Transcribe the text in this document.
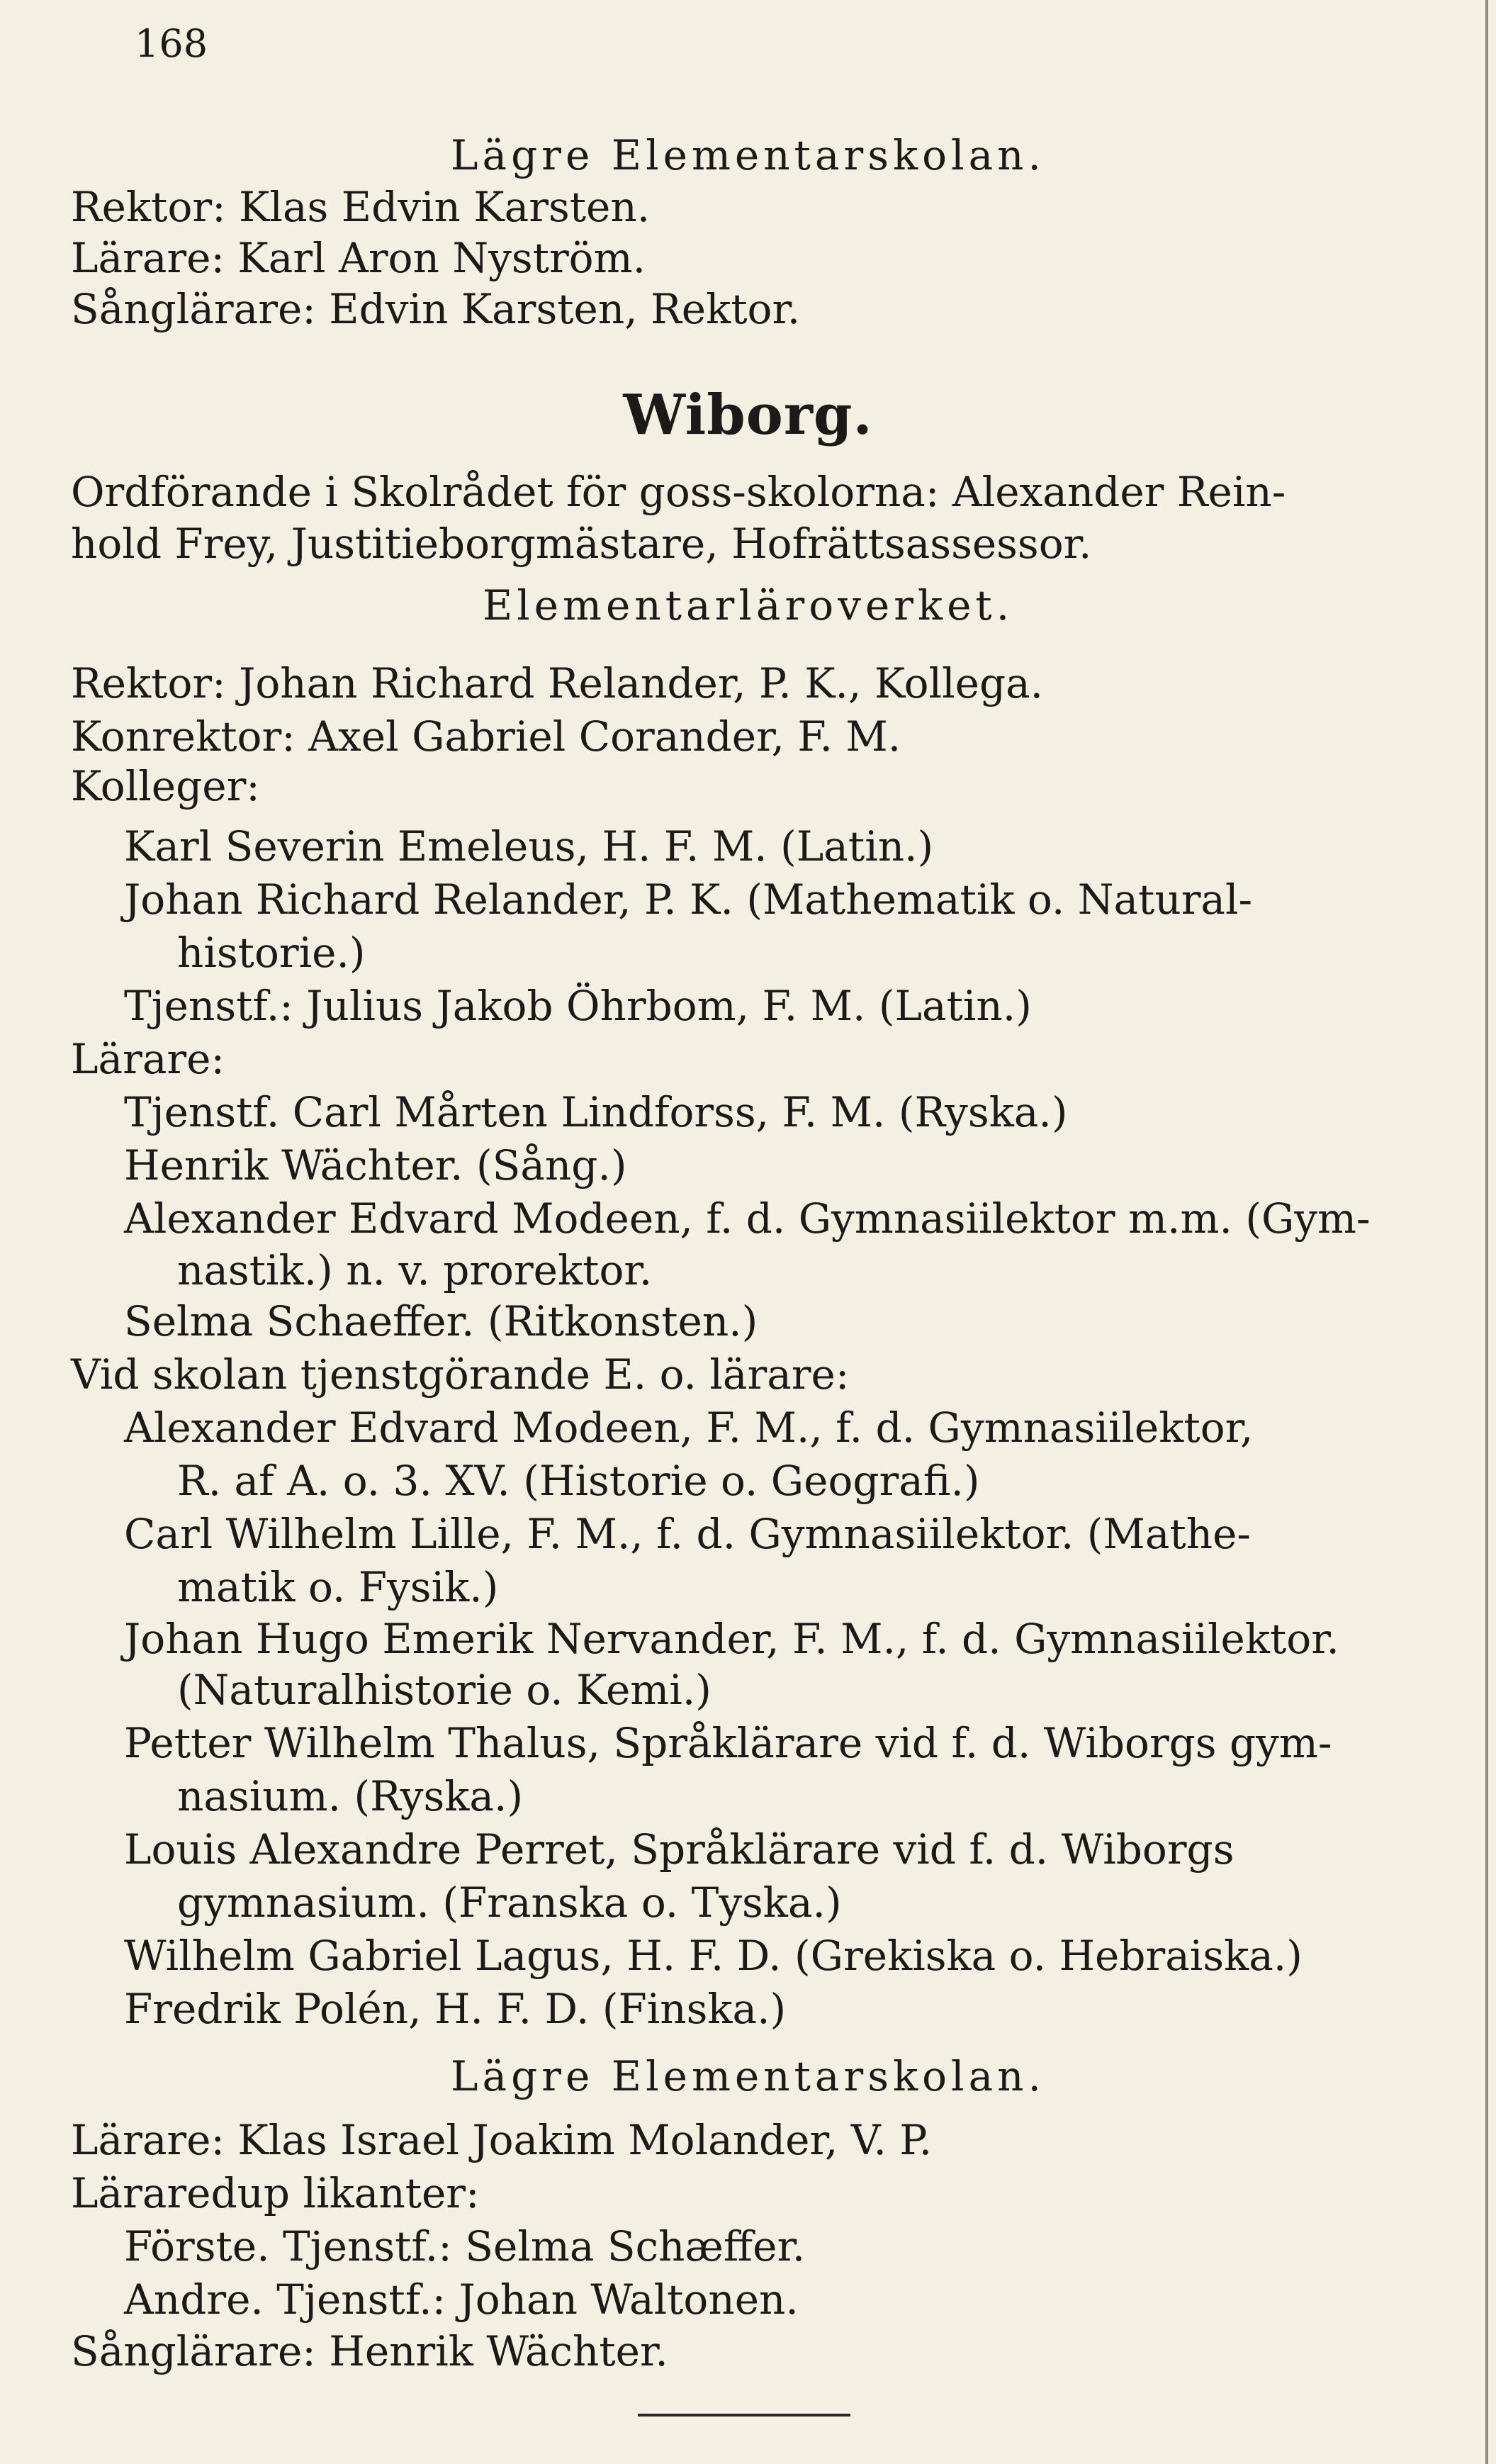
168
Lägre Elementarskolan.
Rektor: Klas Edvin Karsten.
Lärare: Karl Aron Nyström.
Sånglärare: Edvin Karsten, Rektor.
Wiborg.
Ordförande i Skolrådet för goss-skolorna: Alexander Rein-
hold Frey, Justitieborgmästare, Hofrättsassessor.
Elementarläroverket.
Rektor: Johan Richard Relander, P. K., Kollega.
Konrektor: Axel Gabriel Corander, F. M.
Kolleger:
Karl Severin Emeleus, H. F. M. (Latin.)
Johan Richard Relander, P. K. (Mathematik o. Natural-
historie.)
Tjenstf.: Julius Jakob Öhrbom, F. M. (Latin.)
Lärare:
Tjenstf. Carl Mårten Lindforss, F. M. (Ryska.)
Henrik Wächter. (Sång.)
Alexander Edvard Modeen, f. d. Gymnasiilektor m.m. (Gym-
nastik.) n. v. prorektor.
Selma Schaeffer. (Ritkonsten.)
Vid skolan tjenstgörande E. o. lärare:
Alexander Edvard Modeen, F. M., f. d. Gymnasiilektor,
R. af A. o. 3. XV. (Historie o. Geografi.)
Carl Wilhelm Lille, F. M., f. d. Gymnasiilektor. (Mathe-
matik o. Fysik.)
Johan Hugo Emerik Nervander, F. M., f. d. Gymnasiilektor.
(Naturalhistorie o. Kemi.)
Petter Wilhelm Thalus, Språklärare vid f. d. Wiborgs gym-
nasium. (Ryska.)
Louis Alexandre Perret, Språklärare vid f. d. Wiborgs
gymnasium. (Franska o. Tyska.)
Wilhelm Gabriel Lagus, H. F. D. (Grekiska o. Hebraiska.)
Fredrik Polén, H. F. D. (Finska.)
Lägre Elementarskolan.
Lärare: Klas Israel Joakim Molander, V. P.
Läraredup likanter:
Förste. Tjenstf.: Selma Schæffer.
Andre. Tjenstf.: Johan Waltonen.
Sånglärare: Henrik Wächter.
